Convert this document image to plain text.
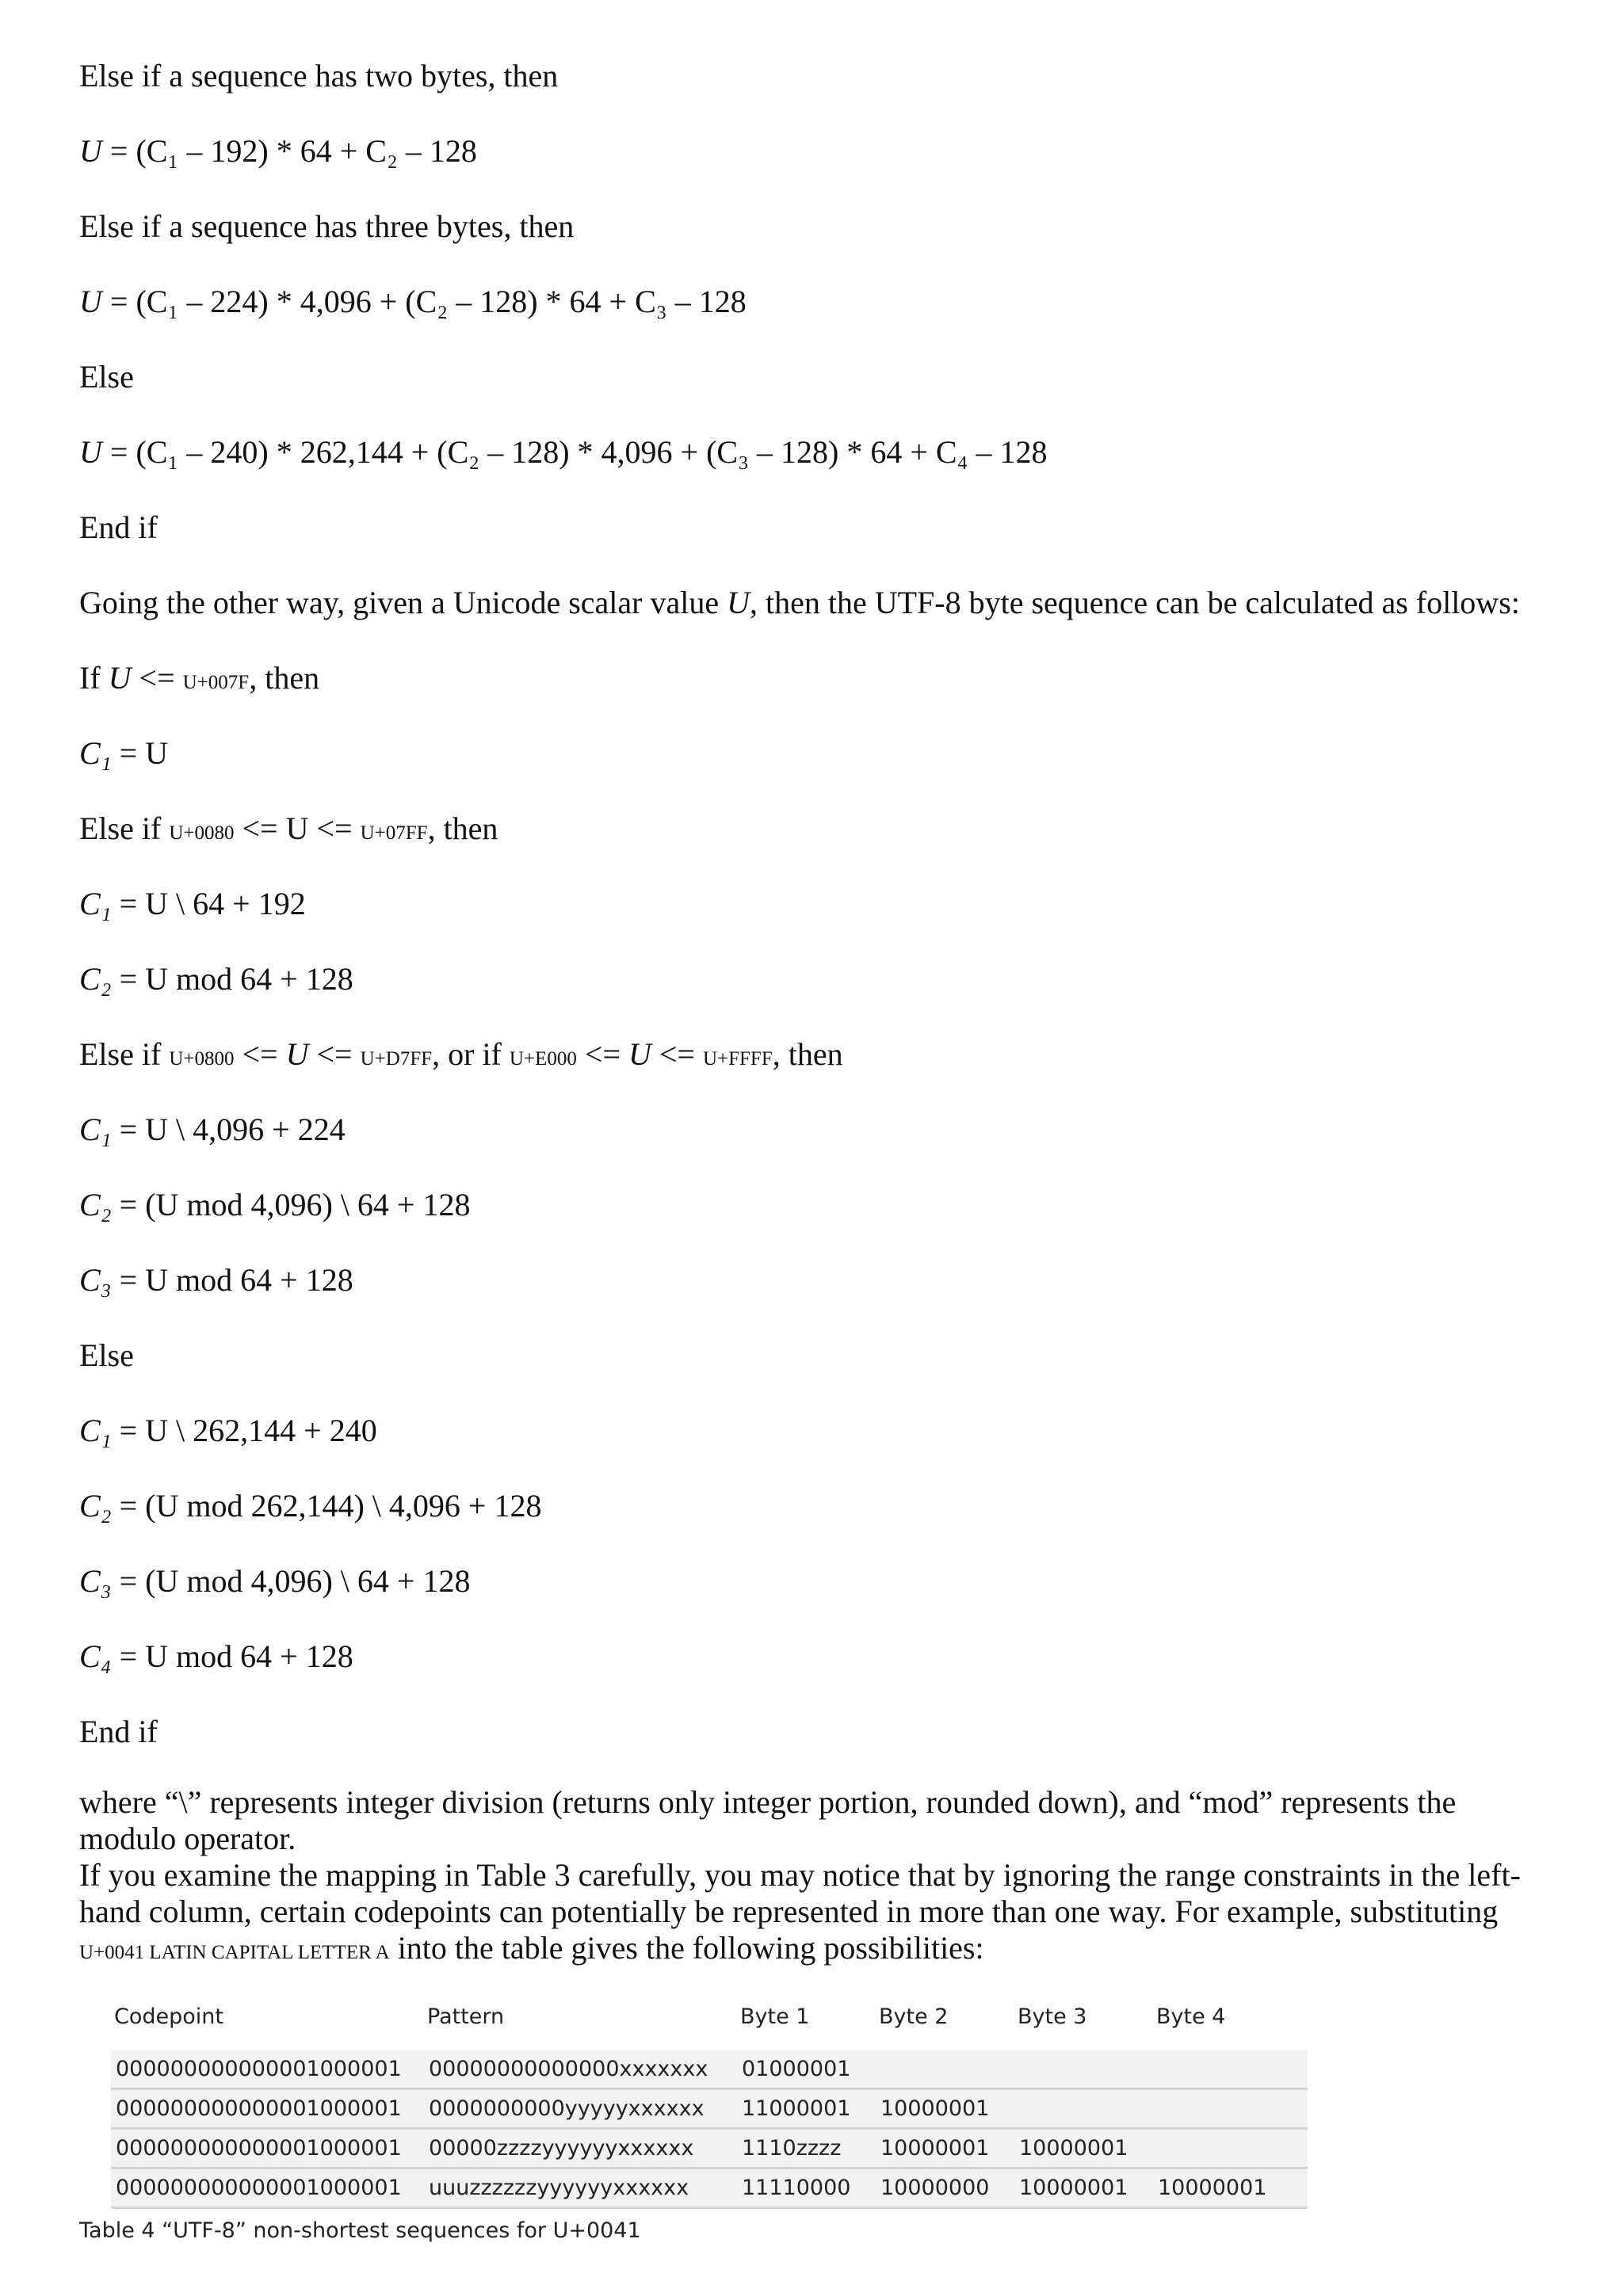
Else if a sequence has two bytes, then
U = (C₁ – 192) * 64 + C₂ – 128
Else if a sequence has three bytes, then
U = (C₁ – 224) * 4,096 + (C₂ – 128) * 64 + C₃ – 128
Else
U = (C₁ – 240) * 262,144 + (C₂ – 128) * 4,096 + (C₃ – 128) * 64 + C₄ – 128
End if
Going the other way, given a Unicode scalar value U, then the UTF-8 byte sequence can be calculated as follows:
If U <= U+007F, then
C₁ = U
Else if U+0080 <= U <= U+07FF, then
C₁ = U \ 64 + 192
C₂ = U mod 64 + 128
Else if U+0800 <= U <= U+D7FF, or if U+E000 <= U <= U+FFFF, then
C₁ = U \ 4,096 + 224
C₂ = (U mod 4,096) \ 64 + 128
C₃ = U mod 64 + 128
Else
C₁ = U \ 262,144 + 240
C₂ = (U mod 262,144) \ 4,096 + 128
C₃ = (U mod 4,096) \ 64 + 128
C₄ = U mod 64 + 128
End if
where “\” represents integer division (returns only integer portion, rounded down), and “mod” represents the modulo operator.
If you examine the mapping in Table 3 carefully, you may notice that by ignoring the range constraints in the left-hand column, certain codepoints can potentially be represented in more than one way. For example, substituting U+0041 LATIN CAPITAL LETTER A into the table gives the following possibilities:
Codepoint	Pattern	Byte 1	Byte 2	Byte 3	Byte 4
000000000000001000001	00000000000000xxxxxxx	01000001			
000000000000001000001	0000000000yyyyyxxxxxx	11000001	10000001		
000000000000001000001	00000zzzzyyyyyyxxxxxx	1110zzzz	10000001	10000001	
000000000000001000001	uuuzzzzzzyyyyyyxxxxxx	11110000	10000000	10000001	10000001
Table 4 “UTF-8” non-shortest sequences for U+0041
